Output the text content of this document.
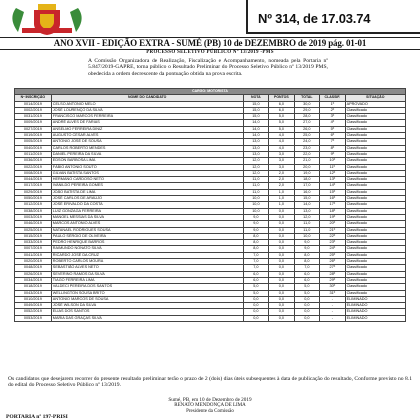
Nº 314, de 17.03.74
ANO XVII - EDIÇÃO EXTRA - SUMÉ (PB) 10 de DEZEMBRO de 2019 pág. 01-01
PROCESSO SELETIVO PÚBLICO Nº 13/2019 -PMS
A Comissão Organizadora de Realização, Fiscalização e Acompanhamento, nomeada pela Portaria nº 5.847/2019-GAPRE, torna público o Resultado Preliminar do Processo Seletivo Público nº 13/2019 PMS, obedecida a ordem decrescente da pontuação obtida na prova escrita.
CARGO: MOTORISTA						
Nº INSCRIÇÃO	NOME DO CANDIDATO	NOTA	PONTOS	TOTAL	CLASSIF.	SITUAÇÃO
0014/2019	CELSO ANTONIO MELO	15,0	6,0	30,0	1º	APROVADO
0002/2019	JOSÉ LOURENÇO DA SILVA	15,0	6,0	29,0	2º	Classificado
0031/2019	FRANCISCO MARCOS FERREIRA	15,0	5,0	28,0	3º	Classificado
0009/2019	ANDRÉ ALVES DE FARIAS	14,0	5,0	27,0	4º	Classificado
0027/2019	ANSELMO FERREIRA DINIZ	14,0	5,0	26,0	5º	Classificado
0019/2019	AUGUSTO CÉSAR ALVES	14,0	4,0	25,0	6º	Classificado
0005/2019	ANTONIO JOSÉ DE SOUSA	13,0	4,0	24,0	7º	Classificado
0040/2019	CARLOS ROBERTO MENDES	13,0	4,0	23,0	8º	Classificado
0011/2019	DANIEL PEREIRA DA SILVA	13,0	3,0	22,0	9º	Classificado
0036/2019	EDSON BARBOSA LIMA	12,0	3,0	21,0	10º	Classificado
0022/2019	FÁBIO ANTONIO SOUTO	12,0	3,0	20,0	11º	Classificado
0008/2019	GILVAN BATISTA SANTOS	12,0	2,0	19,0	12º	Classificado
0044/2019	HERMANO CARDOSO NETO	11,0	2,0	18,0	13º	Classificado
0017/2019	IVANILDO PEREIRA GOMES	11,0	2,0	17,0	14º	Classificado
0029/2019	JOÃO BATISTA DE LIMA	11,0	1,0	16,0	15º	Classificado
0050/2019	JOSÉ CARLOS DE ARAÚJO	10,0	1,0	15,0	16º	Classificado
0012/2019	JOSÉ ERIVALDO DA COSTA	10,0	1,0	14,0	17º	Classificado
0038/2019	LUIZ GONZAGA FERREIRA	10,0	0,0	13,0	18º	Classificado
0003/2019	MANOEL MESSIAS DA SILVA	9,0	0,0	12,0	19º	Classificado
0046/2019	MARCOS ANTONIO ALVES	9,0	0,0	11,0	20º	Classificado
0025/2019	NATANAEL RODRIGUES SOUSA	9,0	0,0	11,0	21º	Classificado
0015/2019	PAULO SÉRGIO DE OLIVEIRA	8,0	0,0	10,0	22º	Classificado
0033/2019	PEDRO HENRIQUE BARROS	8,0	0,0	9,0	23º	Classificado
0007/2019	RAIMUNDO NONATO SILVA	8,0	0,0	9,0	24º	Classificado
0041/2019	RICARDO JOSÉ DA CRUZ	7,0	0,0	8,0	25º	Classificado
0020/2019	ROBERTO CARLOS MOURA	7,0	0,0	8,0	26º	Classificado
0048/2019	SEBASTIÃO ALVES NETO	7,0	0,0	7,0	27º	Classificado
0026/2019	SEVERINO RAMOS DA SILVA	6,0	0,0	6,0	28º	Classificado
0034/2019	TIAGO FERREIRA LIMA	6,0	0,0	6,0	29º	Classificado
0018/2019	VALDECI PEREIRA DOS SANTOS	5,0	0,0	5,0	30º	Classificado
0043/2019	WELLINGTON SOUSA BRITO	5,0	0,0	5,0	31º	Classificado
0010/2019	ANTONIO MARCOS DE SOUSA	0,0	0,0	0,0	-	ELIMINADO
0049/2019	JOSÉ WILSON DA SILVA	0,0	0,0	0,0	-	ELIMINADO
0052/2019	ELIAS DOS SANTOS	0,0	0,0	0,0	-	ELIMINADO
0053/2019	MARIA DAS GRAÇAS SILVA	0,0	0,0	0,0	-	ELIMINADO
Os candidatos que desejarem recorrer do presente resultado preliminar terão o prazo de 2 (dois) dias úteis subsequentes à data de publicação do resultado, Conforme previsto no 8.1 do edital do Processo Seletivo Público nº 13/2019.
Sumé, PB, em 10 de Dezembro de 2019
RENATO MENDONÇA DE LIMA
Presidente da Comissão
PORTARIA nº 197-PRISI
